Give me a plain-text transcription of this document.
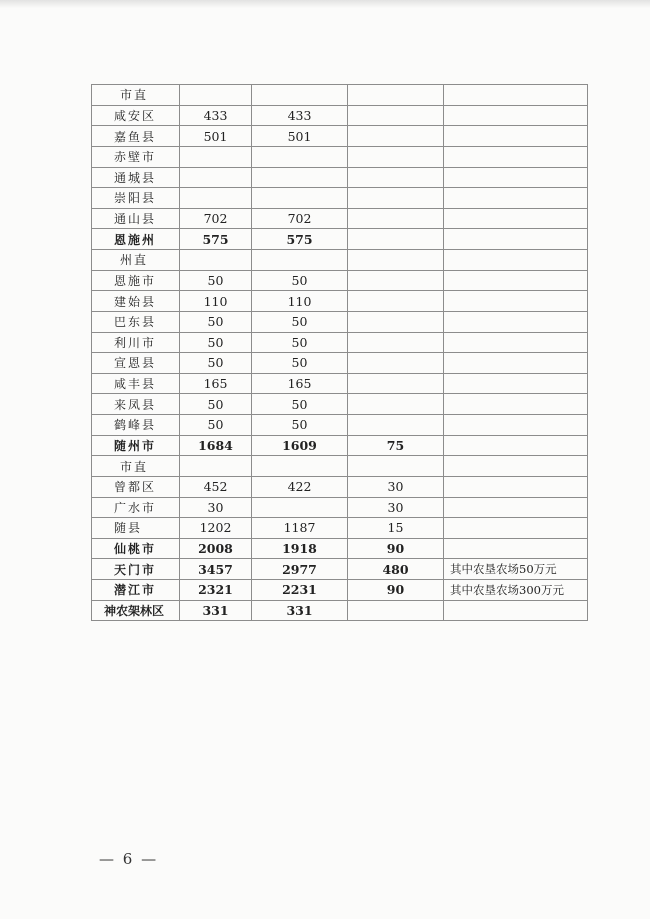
市直				
咸安区	433	433		
嘉鱼县	501	501		
赤壁市				
通城县				
崇阳县				
通山县	702	702		
恩施州	575	575		
州直				
恩施市	50	50		
建始县	110	110		
巴东县	50	50		
利川市	50	50		
宣恩县	50	50		
咸丰县	165	165		
来凤县	50	50		
鹤峰县	50	50		
随州市	1684	1609	75	
市直				
曾都区	452	422	30	
广水市	30		30	
随县	1202	1187	15	
仙桃市	2008	1918	90	
天门市	3457	2977	480	其中农垦农场50万元
潜江市	2321	2231	90	其中农垦农场300万元
神农架林区	331	331		
— 6 —
